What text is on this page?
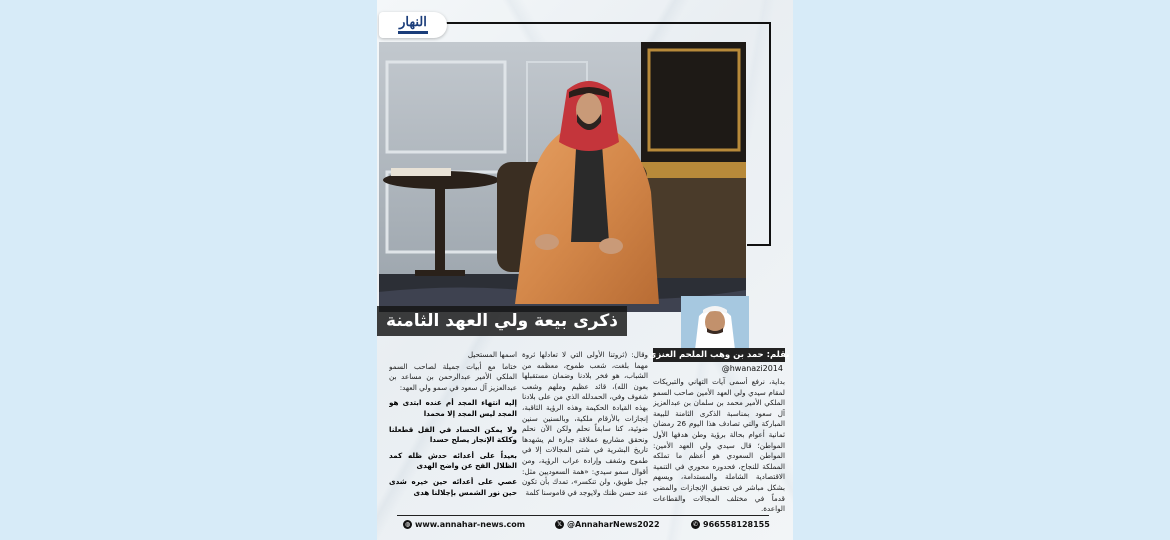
النهار
ذكرى بيعة ولي العهد الثامنة
بقلم: حمد بن وهب الملحم العنزي
@hwanazi2014

بداية، نرفع أسمى آيات التهاني والتبريكات لمقام سيدي ولي العهد الأمين صاحب السمو الملكي الأمير محمد بن سلمان بن عبدالعزيز آل سعود بمناسبة الذكرى الثامنة للبيعة المباركة والتي تصادف هذا اليوم 26 رمضان ثمانية أعوام بحالة برؤية وطن هدفها الأول المواطن؛ قال سيدي ولي العهد الأمين: المواطن السعودي هو أعظم ما تملكه المملكة للنجاح، فحدوره محوري في التنمية الاقتصادية الشاملة والمستدامة، ويسهم بشكل مباشر في تحقيق الإنجازات والمضي قدماً في مختلف المجالات والقطاعات الواعدة.

وقال: (ثروتنا الأولى التي لا تعادلها ثروة مهما بلغت، شعب طموح، معظمه من الشباب، هو فخر بلادنا وضمان مستقبلها بعون الله)، قائد عظيم وملهم وشعب شغوف وفي، الحمدلله الذي من على بلادنا بهذه القيادة الحكيمة وهذه الرؤية الثاقبة، إنجازات بالأرقام ملكية، وبالسنين سنين ضوئية، كنا سابقاً نحلم ولكن الآن نحلم ونحقق مشاريع عملاقة جبارة لم يشهدها تاريخ البشرية في شتى المجالات إلا في طموح وشغف وإرادة عراب الرؤية، ومن أقوال سمو سيدي: «همة السعوديين مثل: جبل طويق، ولن تنكسر»، تمدك بأن تكون عند حسن ظنك ولايوجد في قاموسنا كلمة

اسمها المستحيل

ختاما مع أبيات جميلة لصاحب السمو الملكي الأمير عبدالرحمن بن مساعد بن عبدالعزيز آل سعود في سمو ولي العهد:

إليه انتهاء المجد أم عنده ابتدى هو المجد ليس المجد إلا محمدا

ولا يمكن الحساد في الفل قطعلنا وكلكة الإنجاز يصلح حسدا

بعيداً على أعدائه حدش ظله كمد الظلال الفح عن واضح الهدى

عصي على أعدائه حين خيره شدى حين نور الشمس بإجلالنا هدى

◍ www.annahar-news.com	𝕏 @AnnaharNews2022	✆ 966558128155
